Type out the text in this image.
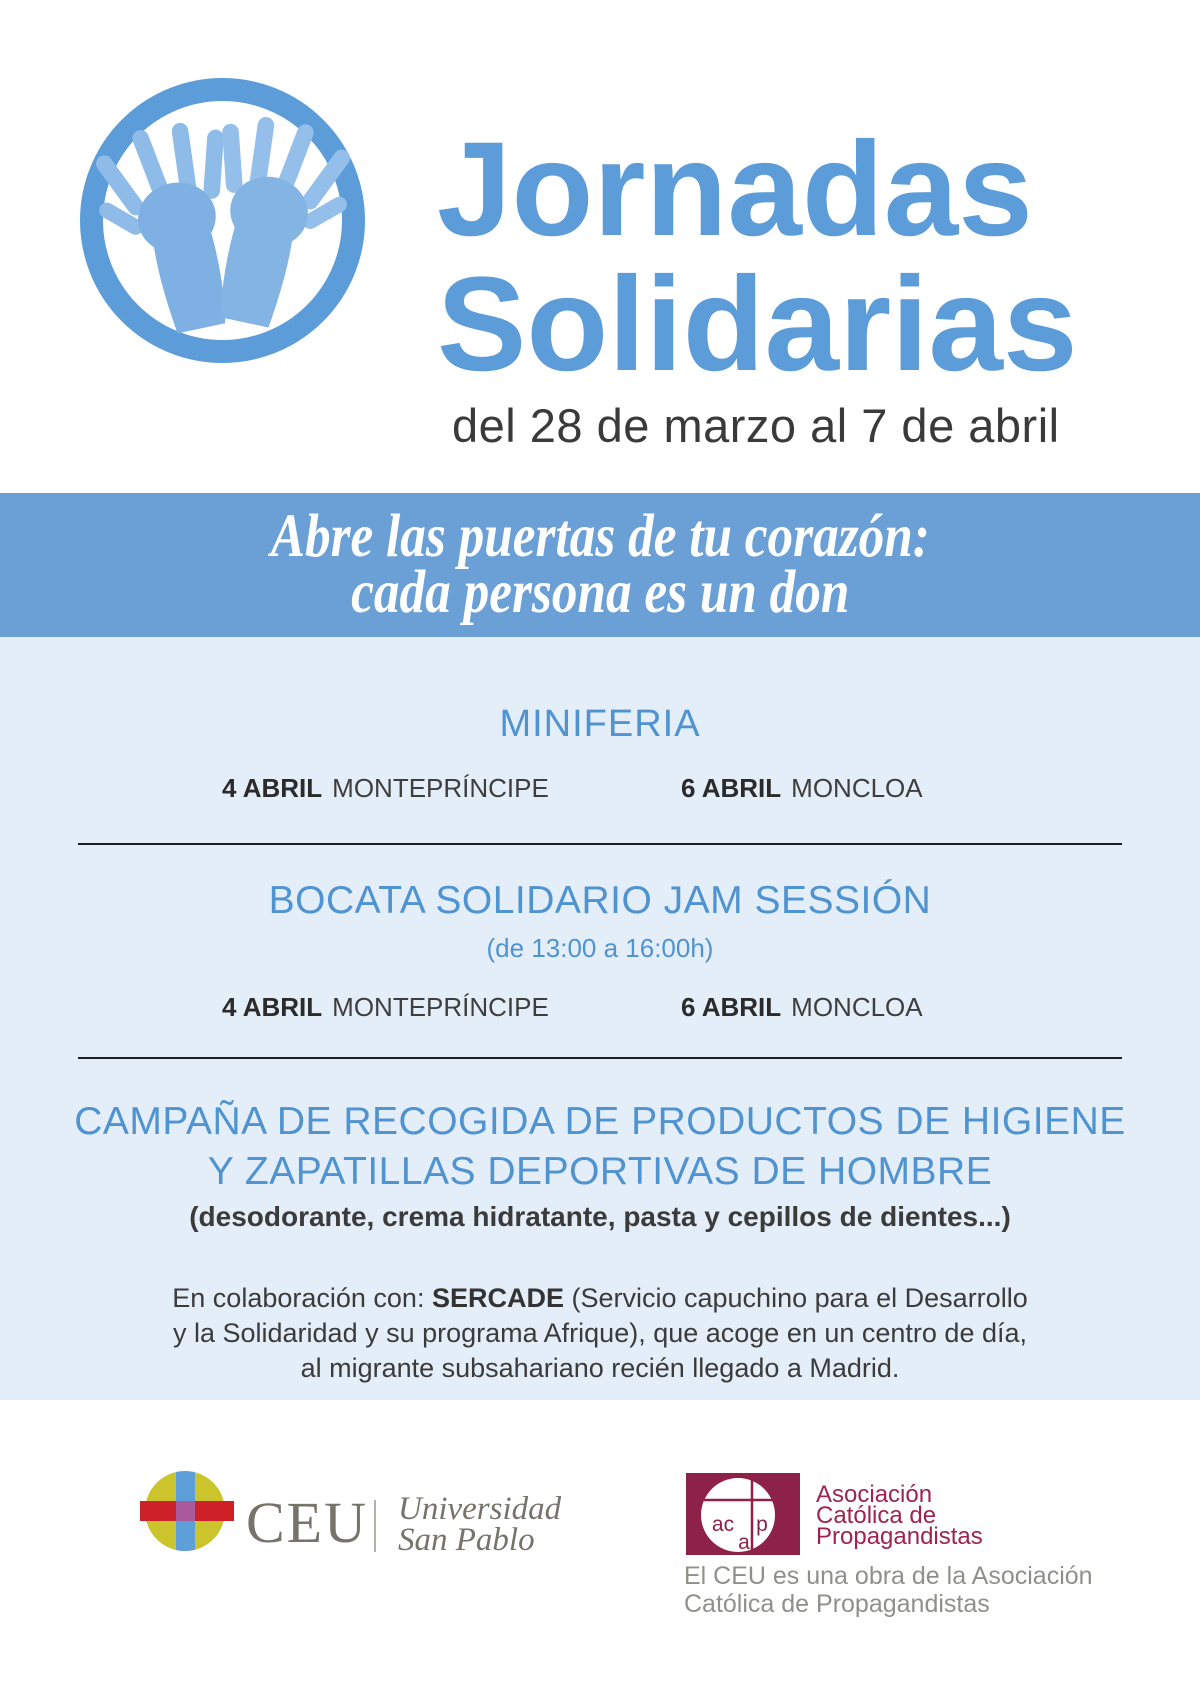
Jornadas
Solidarias
del 28 de marzo al 7 de abril
Abre las puertas de tu corazón:
cada persona es un don
MINIFERIA
4 ABRIL MONTEPRÍNCIPE	6 ABRIL MONCLOA
BOCATA SOLIDARIO JAM SESSIÓN
(de 13:00 a 16:00h)
4 ABRIL MONTEPRÍNCIPE	6 ABRIL MONCLOA
CAMPAÑA DE RECOGIDA DE PRODUCTOS DE HIGIENE
Y ZAPATILLAS DEPORTIVAS DE HOMBRE
(desodorante, crema hidratante, pasta y cepillos de dientes...)

En colaboración con: SERCADE (Servicio capuchino para el Desarrollo
y la Solidaridad y su programa Afrique), que acoge en un centro de día,
al migrante subsahariano recién llegado a Madrid.

CEU Universidad
San Pablo	ac p
a
Asociación
Católica de
Propagandistas
El CEU es una obra de la Asociación
Católica de Propagandistas
